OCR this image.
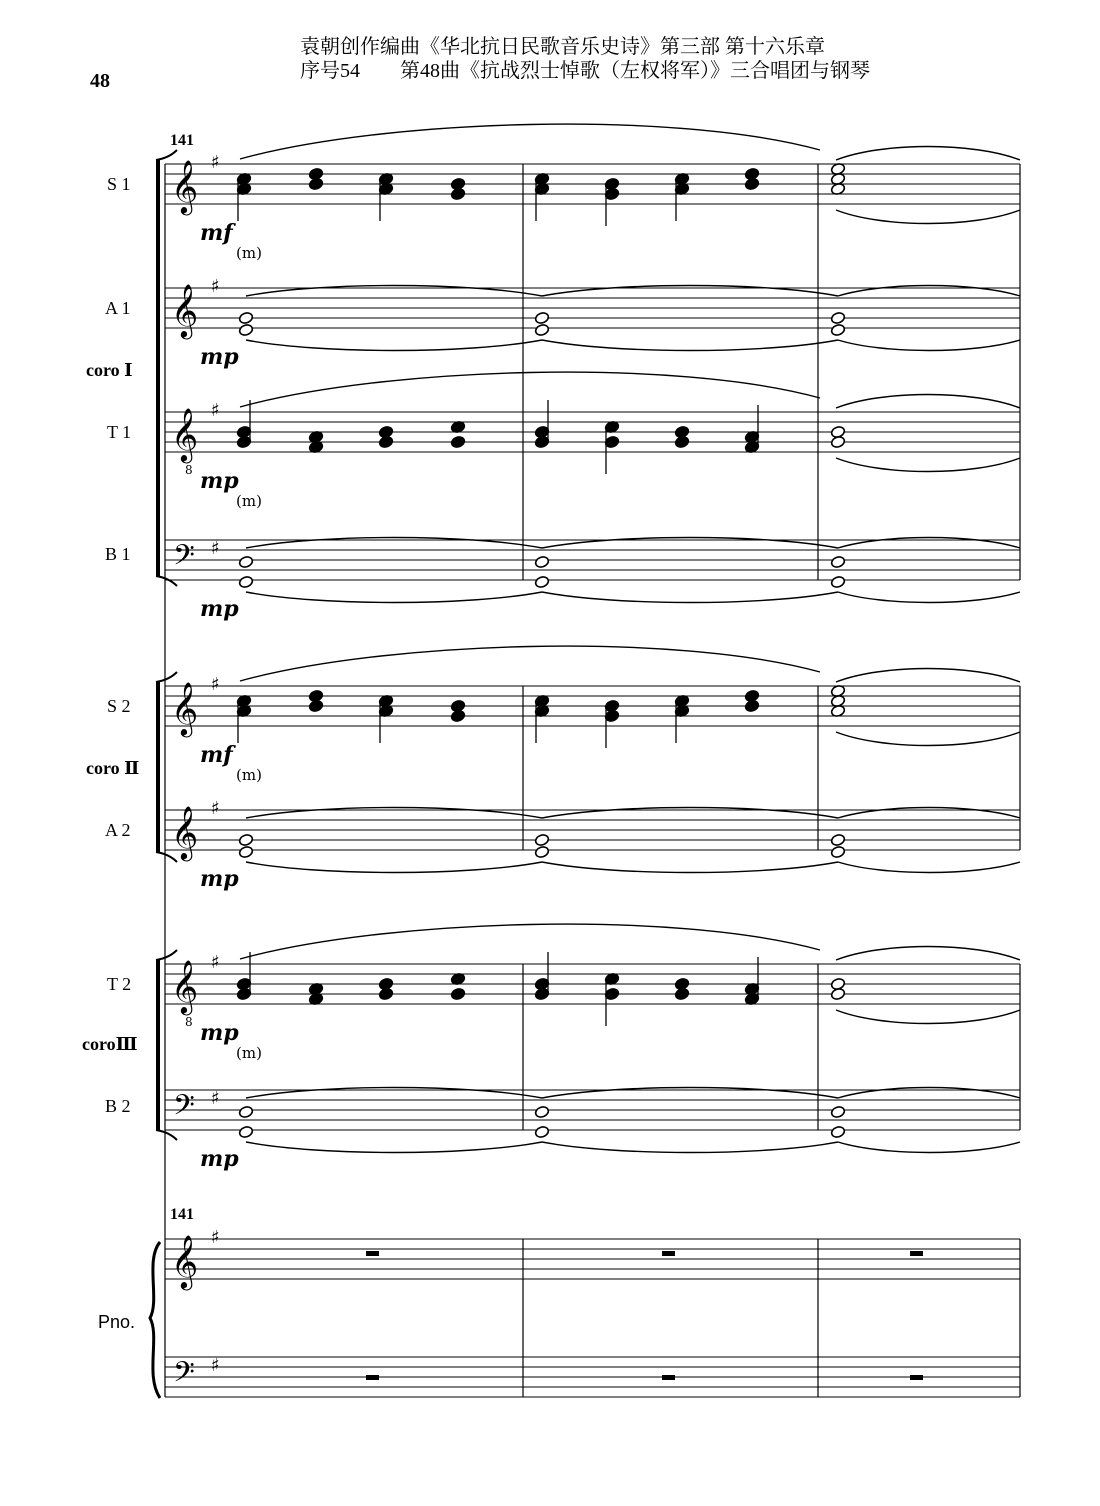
48
袁朝创作编曲《华北抗日民歌音乐史诗》第三部 第十六乐章
序号54　　第48曲《抗战烈士悼歌（左权将军）》三合唱团与钢琴
141
141
S 1
A 1
coro Ⅰ
T 1
B 1
S 2
coro Ⅱ
A 2
T 2
coroⅢ
B 2
Pno.
𝄞 ♯
𝄞 ♯
𝄞 ♯
𝄢 ♯
𝄞 ♯
𝄞 ♯
𝄞 ♯
𝄢 ♯
𝄞 ♯
𝄢 ♯
mf
(m)
mp
mp
(m)
8
mp
mf
(m)
mp
mp
(m)
8
mp
